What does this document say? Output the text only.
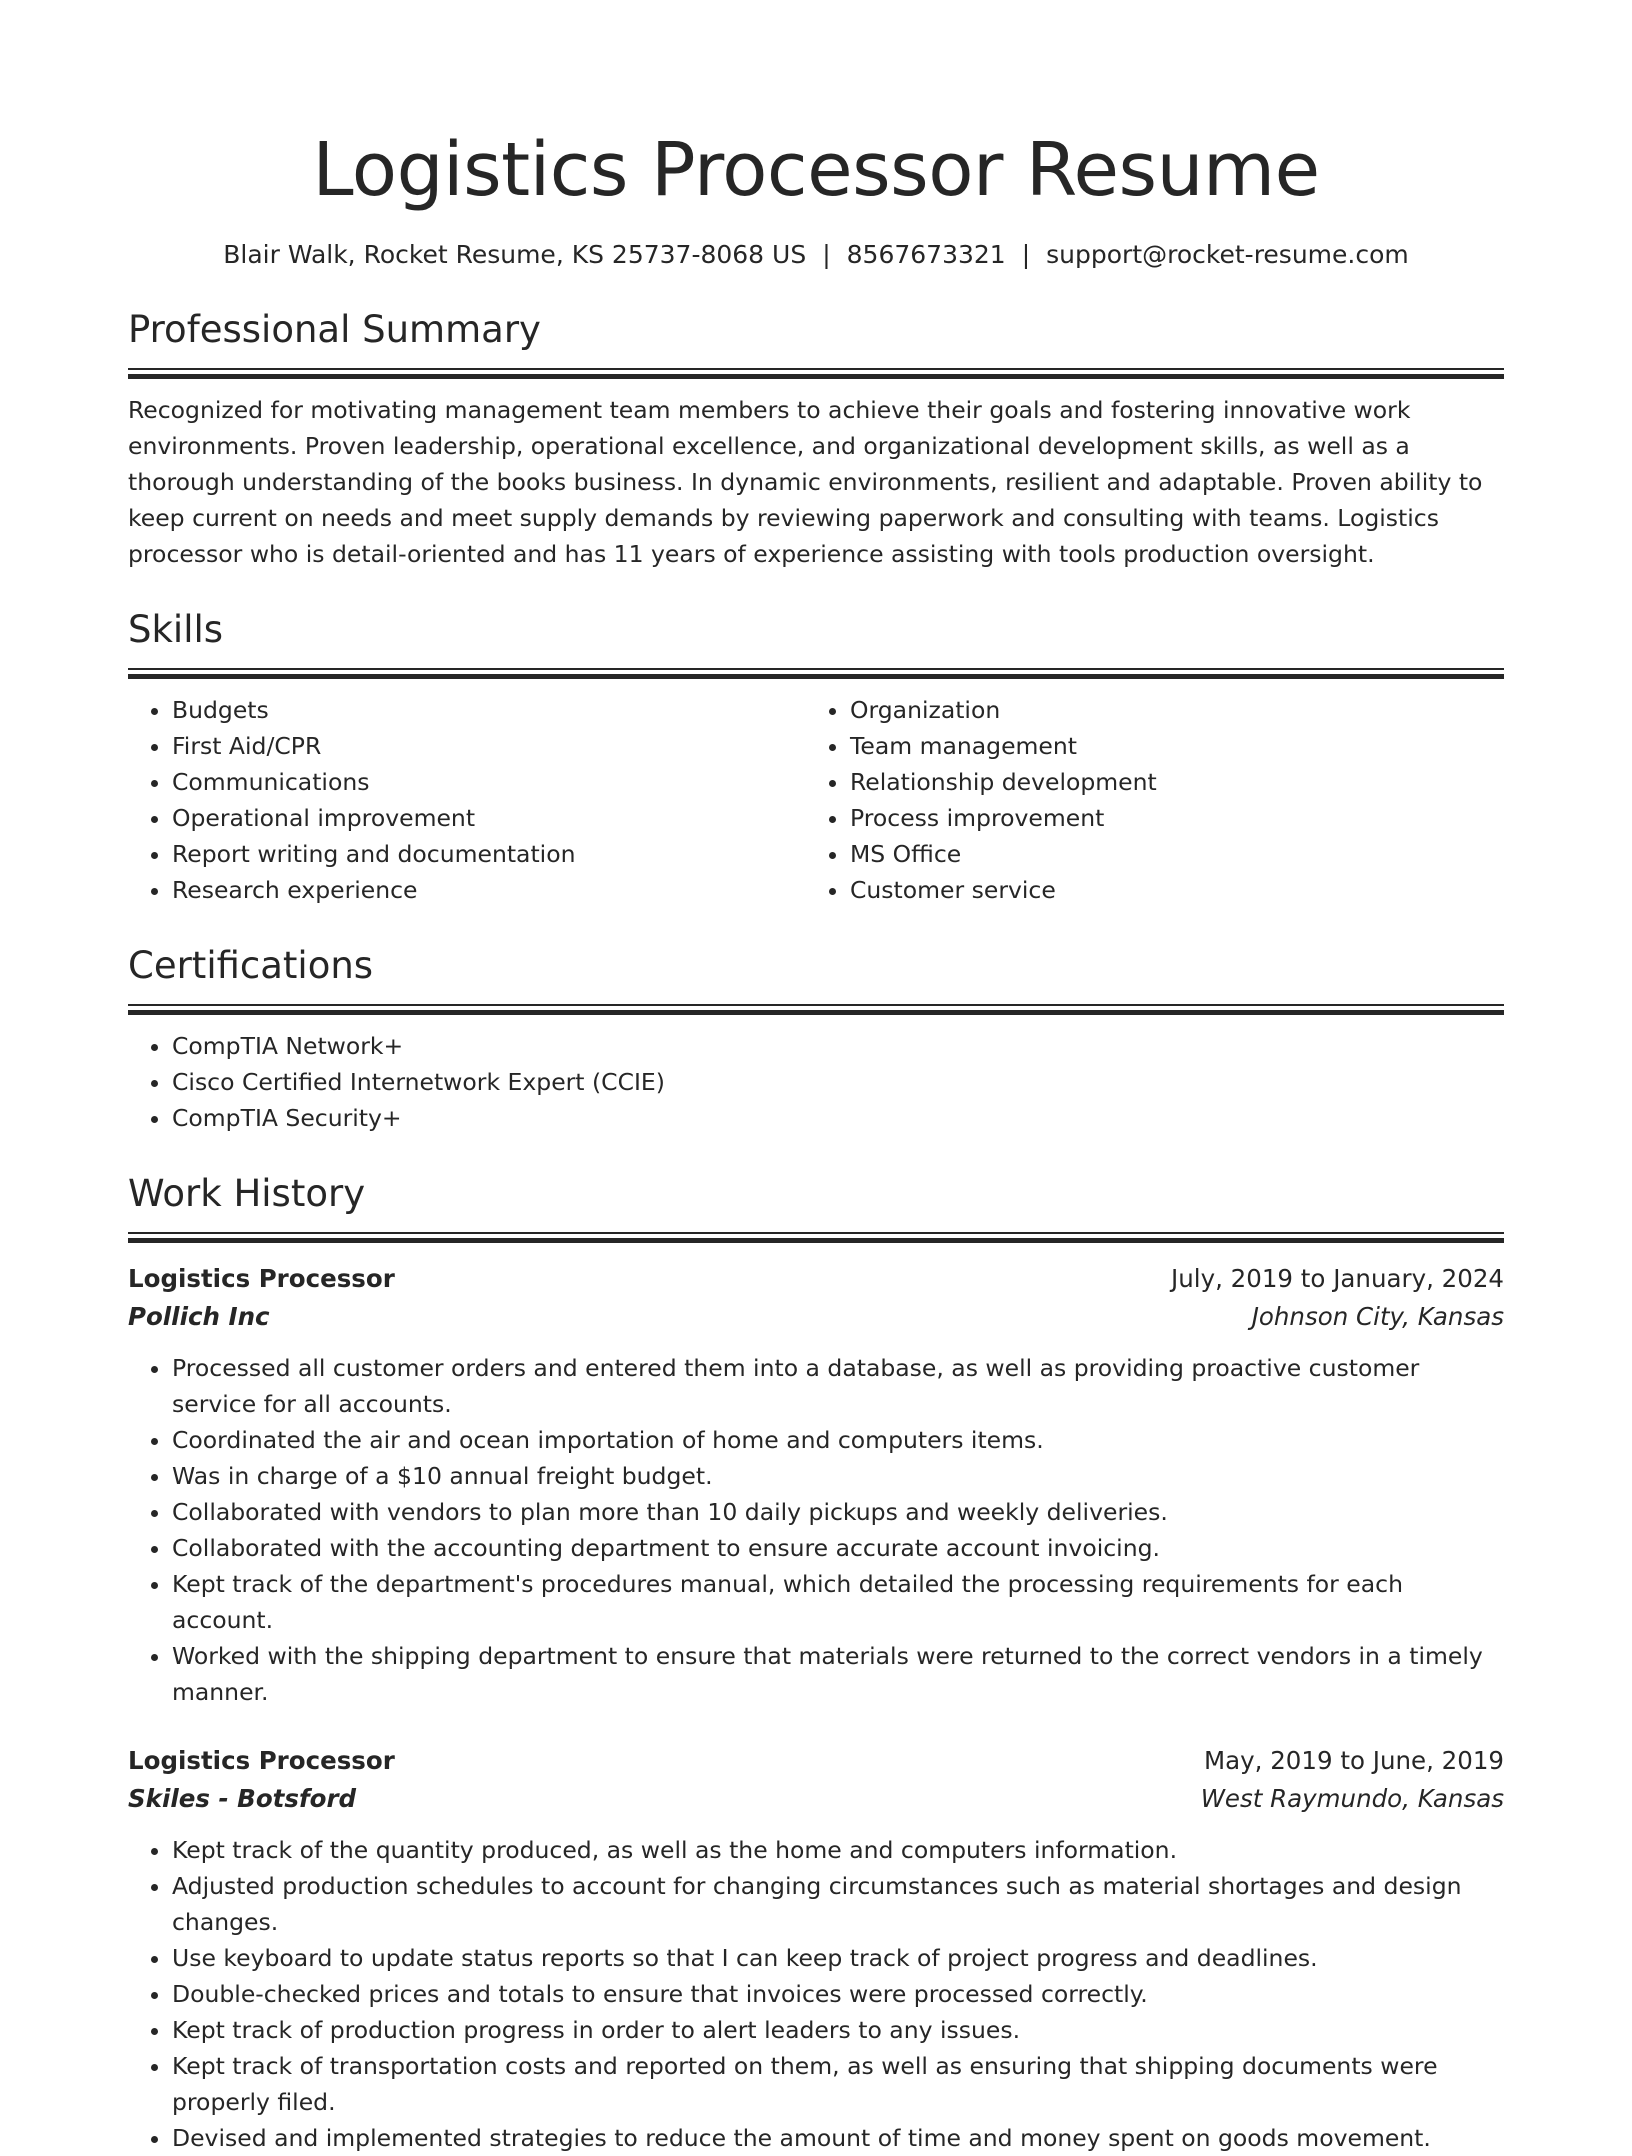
Logistics Processor Resume
Blair Walk, Rocket Resume, KS 25737-8068 US | 8567673321 | support@rocket-resume.com
Professional Summary
Recognized for motivating management team members to achieve their goals and fostering innovative work environments. Proven leadership, operational excellence, and organizational development skills, as well as a thorough understanding of the books business. In dynamic environments, resilient and adaptable. Proven ability to keep current on needs and meet supply demands by reviewing paperwork and consulting with teams. Logistics processor who is detail-oriented and has 11 years of experience assisting with tools production oversight.
Skills
• Budgets
• First Aid/CPR
• Communications
• Operational improvement
• Report writing and documentation
• Research experience
• Organization
• Team management
• Relationship development
• Process improvement
• MS Office
• Customer service
Certifications
• CompTIA Network+
• Cisco Certified Internetwork Expert (CCIE)
• CompTIA Security+
Work History
Logistics Processor	July, 2019 to January, 2024
Pollich Inc	Johnson City, Kansas
• Processed all customer orders and entered them into a database, as well as providing proactive customer service for all accounts.
• Coordinated the air and ocean importation of home and computers items.
• Was in charge of a $10 annual freight budget.
• Collaborated with vendors to plan more than 10 daily pickups and weekly deliveries.
• Collaborated with the accounting department to ensure accurate account invoicing.
• Kept track of the department's procedures manual, which detailed the processing requirements for each account.
• Worked with the shipping department to ensure that materials were returned to the correct vendors in a timely manner.
Logistics Processor	May, 2019 to June, 2019
Skiles - Botsford	West Raymundo, Kansas
• Kept track of the quantity produced, as well as the home and computers information.
• Adjusted production schedules to account for changing circumstances such as material shortages and design changes.
• Use keyboard to update status reports so that I can keep track of project progress and deadlines.
• Double-checked prices and totals to ensure that invoices were processed correctly.
• Kept track of production progress in order to alert leaders to any issues.
• Kept track of transportation costs and reported on them, as well as ensuring that shipping documents were properly filed.
• Devised and implemented strategies to reduce the amount of time and money spent on goods movement.
